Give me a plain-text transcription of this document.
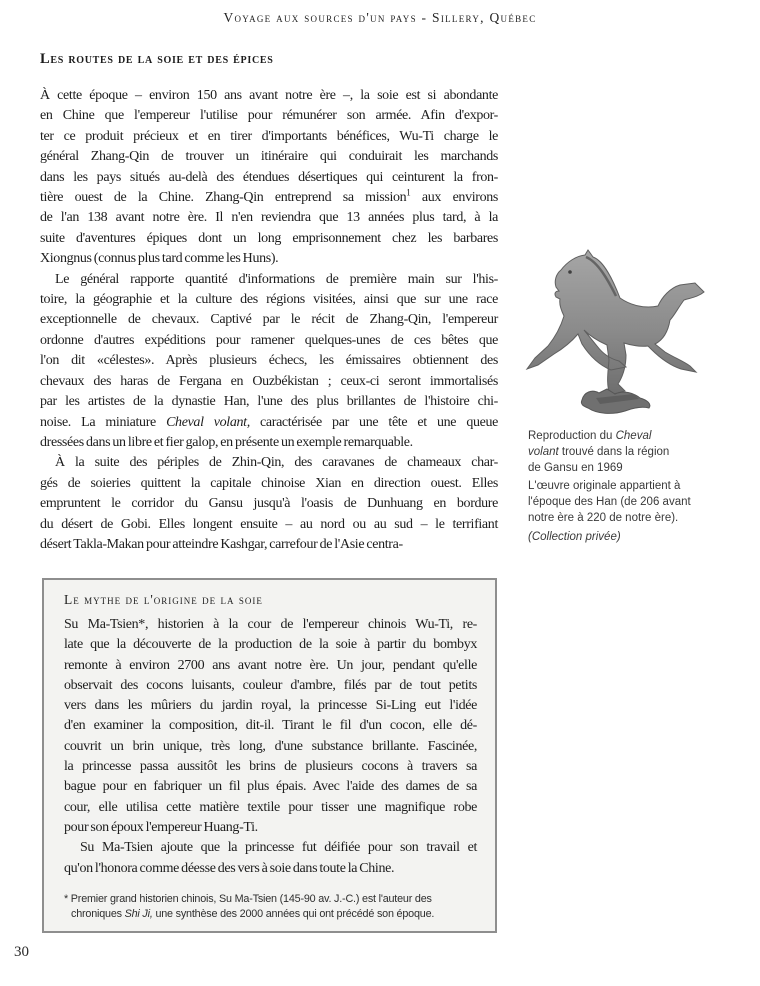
Voyage aux sources d'un pays - Sillery, Québec
Les routes de la soie et des épices
À cette époque – environ 150 ans avant notre ère –, la soie est si abondante
en Chine que l'empereur l'utilise pour rémunérer son armée. Afin d'expor-
ter ce produit précieux et en tirer d'importants bénéfices, Wu-Ti charge le
général Zhang-Qin de trouver un itinéraire qui conduirait les marchands
dans les pays situés au-delà des étendues désertiques qui ceinturent la fron-
tière ouest de la Chine. Zhang-Qin entreprend sa mission$^1$ aux environs
de l'an 138 avant notre ère. Il n'en reviendra que 13 années plus tard, à la
suite d'aventures épiques dont un long emprisonnement chez les barbares
Xiongnus (connus plus tard comme les Huns).
Le général rapporte quantité d'informations de première main sur l'his-
toire, la géographie et la culture des régions visitées, ainsi que sur une race
exceptionnelle de chevaux. Captivé par le récit de Zhang-Qin, l'empereur
ordonne d'autres expéditions pour ramener quelques-unes de ces bêtes que
l'on dit «célestes». Après plusieurs échecs, les émissaires obtiennent des
chevaux des haras de Fergana en Ouzbékistan ; ceux-ci seront immortalisés
par les artistes de la dynastie Han, l'une des plus brillantes de l'histoire chi-
noise. La miniature Cheval volant, caractérisée par une tête et une queue
dressées dans un libre et fier galop, en présente un exemple remarquable.
À la suite des périples de Zhin-Qin, des caravanes de chameaux char-
gés de soieries quittent la capitale chinoise Xian en direction ouest. Elles
empruntent le corridor du Gansu jusqu'à l'oasis de Dunhuang en bordure
du désert de Gobi. Elles longent ensuite – au nord ou au sud – le terrifiant
désert Takla-Makan pour atteindre Kashgar, carrefour de l'Asie centra-
Reproduction du Cheval
volant trouvé dans la région
de Gansu en 1969
L'œuvre originale appartient à
l'époque des Han (de 206 avant
notre ère à 220 de notre ère).
(Collection privée)
Le mythe de l'origine de la soie
Su Ma-Tsien*, historien à la cour de l'empereur chinois Wu-Ti, re-
late que la découverte de la production de la soie à partir du bombyx
remonte à environ 2700 ans avant notre ère. Un jour, pendant qu'elle
observait des cocons luisants, couleur d'ambre, filés par de tout petits
vers dans les mûriers du jardin royal, la princesse Si-Ling eut l'idée
d'en examiner la composition, dit-il. Tirant le fil d'un cocon, elle dé-
couvrit un brin unique, très long, d'une substance brillante. Fascinée,
la princesse passa aussitôt les brins de plusieurs cocons à travers sa
bague pour en fabriquer un fil plus épais. Avec l'aide des dames de sa
cour, elle utilisa cette matière textile pour tisser une magnifique robe
pour son époux l'empereur Huang-Ti.
Su Ma-Tsien ajoute que la princesse fut déifiée pour son travail et
qu'on l'honora comme déesse des vers à soie dans toute la Chine.
* Premier grand historien chinois, Su Ma-Tsien (145-90 av. J.-C.) est l'auteur des
chroniques Shi Ji, une synthèse des 2000 années qui ont précédé son époque.
30
